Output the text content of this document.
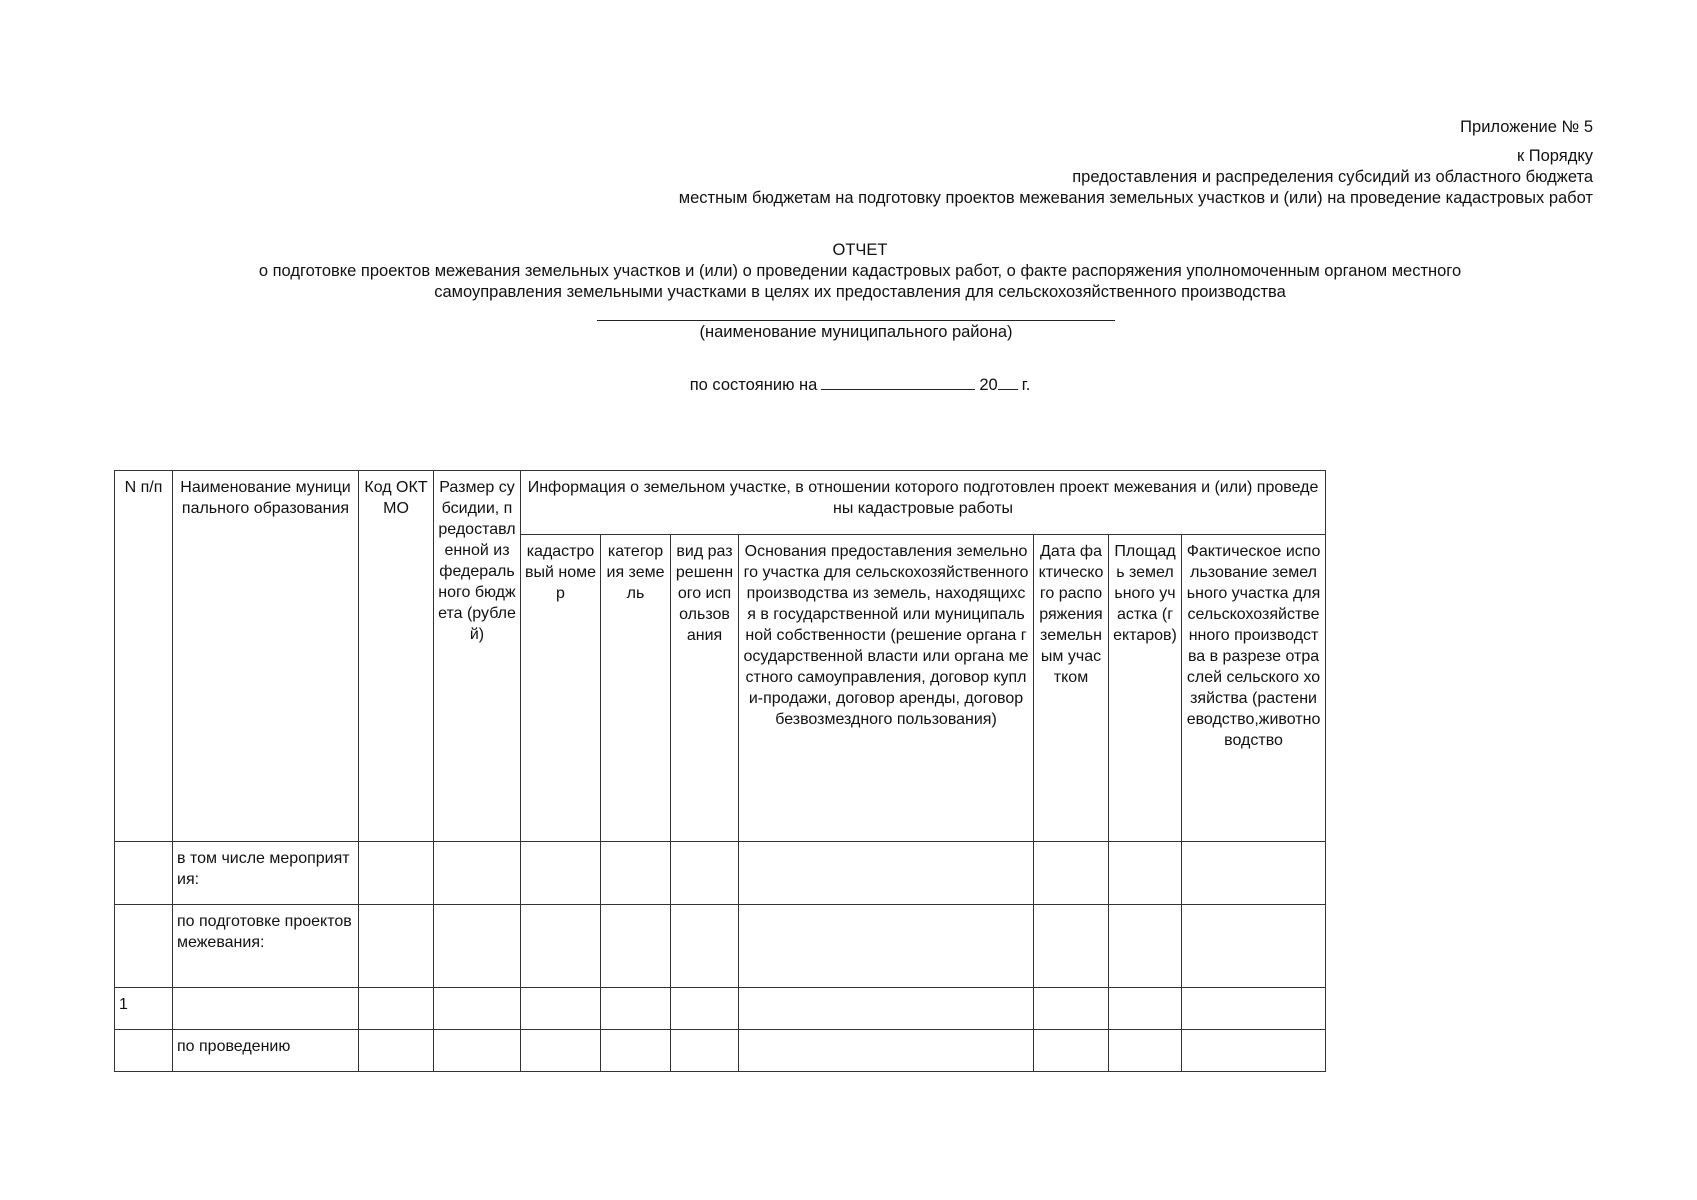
Приложение № 5
к Порядку
предоставления и распределения субсидий из областного бюджета
местным бюджетам на подготовку проектов межевания земельных участков и (или) на проведение кадастровых работ
ОТЧЕТ
о подготовке проектов межевания земельных участков и (или) о проведении кадастровых работ, о факте распоряжения уполномоченным органом местного
самоуправления земельными участками в целях их предоставления для сельскохозяйственного производства
(наименование муниципального района)
по состоянию на	20 г.
N п/п	Наименование муниципального образования	Код ОКТМО	Размер субсидии, предоставленной из федерального бюджета (рублей)	Информация о земельном участке, в отношении которого подготовлен проект межевания и (или) проведены кадастровые работы						
				кадастровый номер	категория земель	вид разрешенного использования	Основания предоставления земельного участка для сельскохозяйственного производства из земель, находящихся в государственной или муниципальной собственности (решение органа государственной власти или органа местного самоуправления, договор купли-продажи, договор аренды, договор безвозмездного пользования)	Дата фактического распоряжения земельным участком	Площадь земельного участка (гектаров)	Фактическое использование земельного участка для сельскохозяйственного производства в разрезе отраслей сельского хозяйства (растениеводство,животноводство
	в том числе мероприятия:									
	по подготовке проектов межевания:									
1										
	по проведению									
